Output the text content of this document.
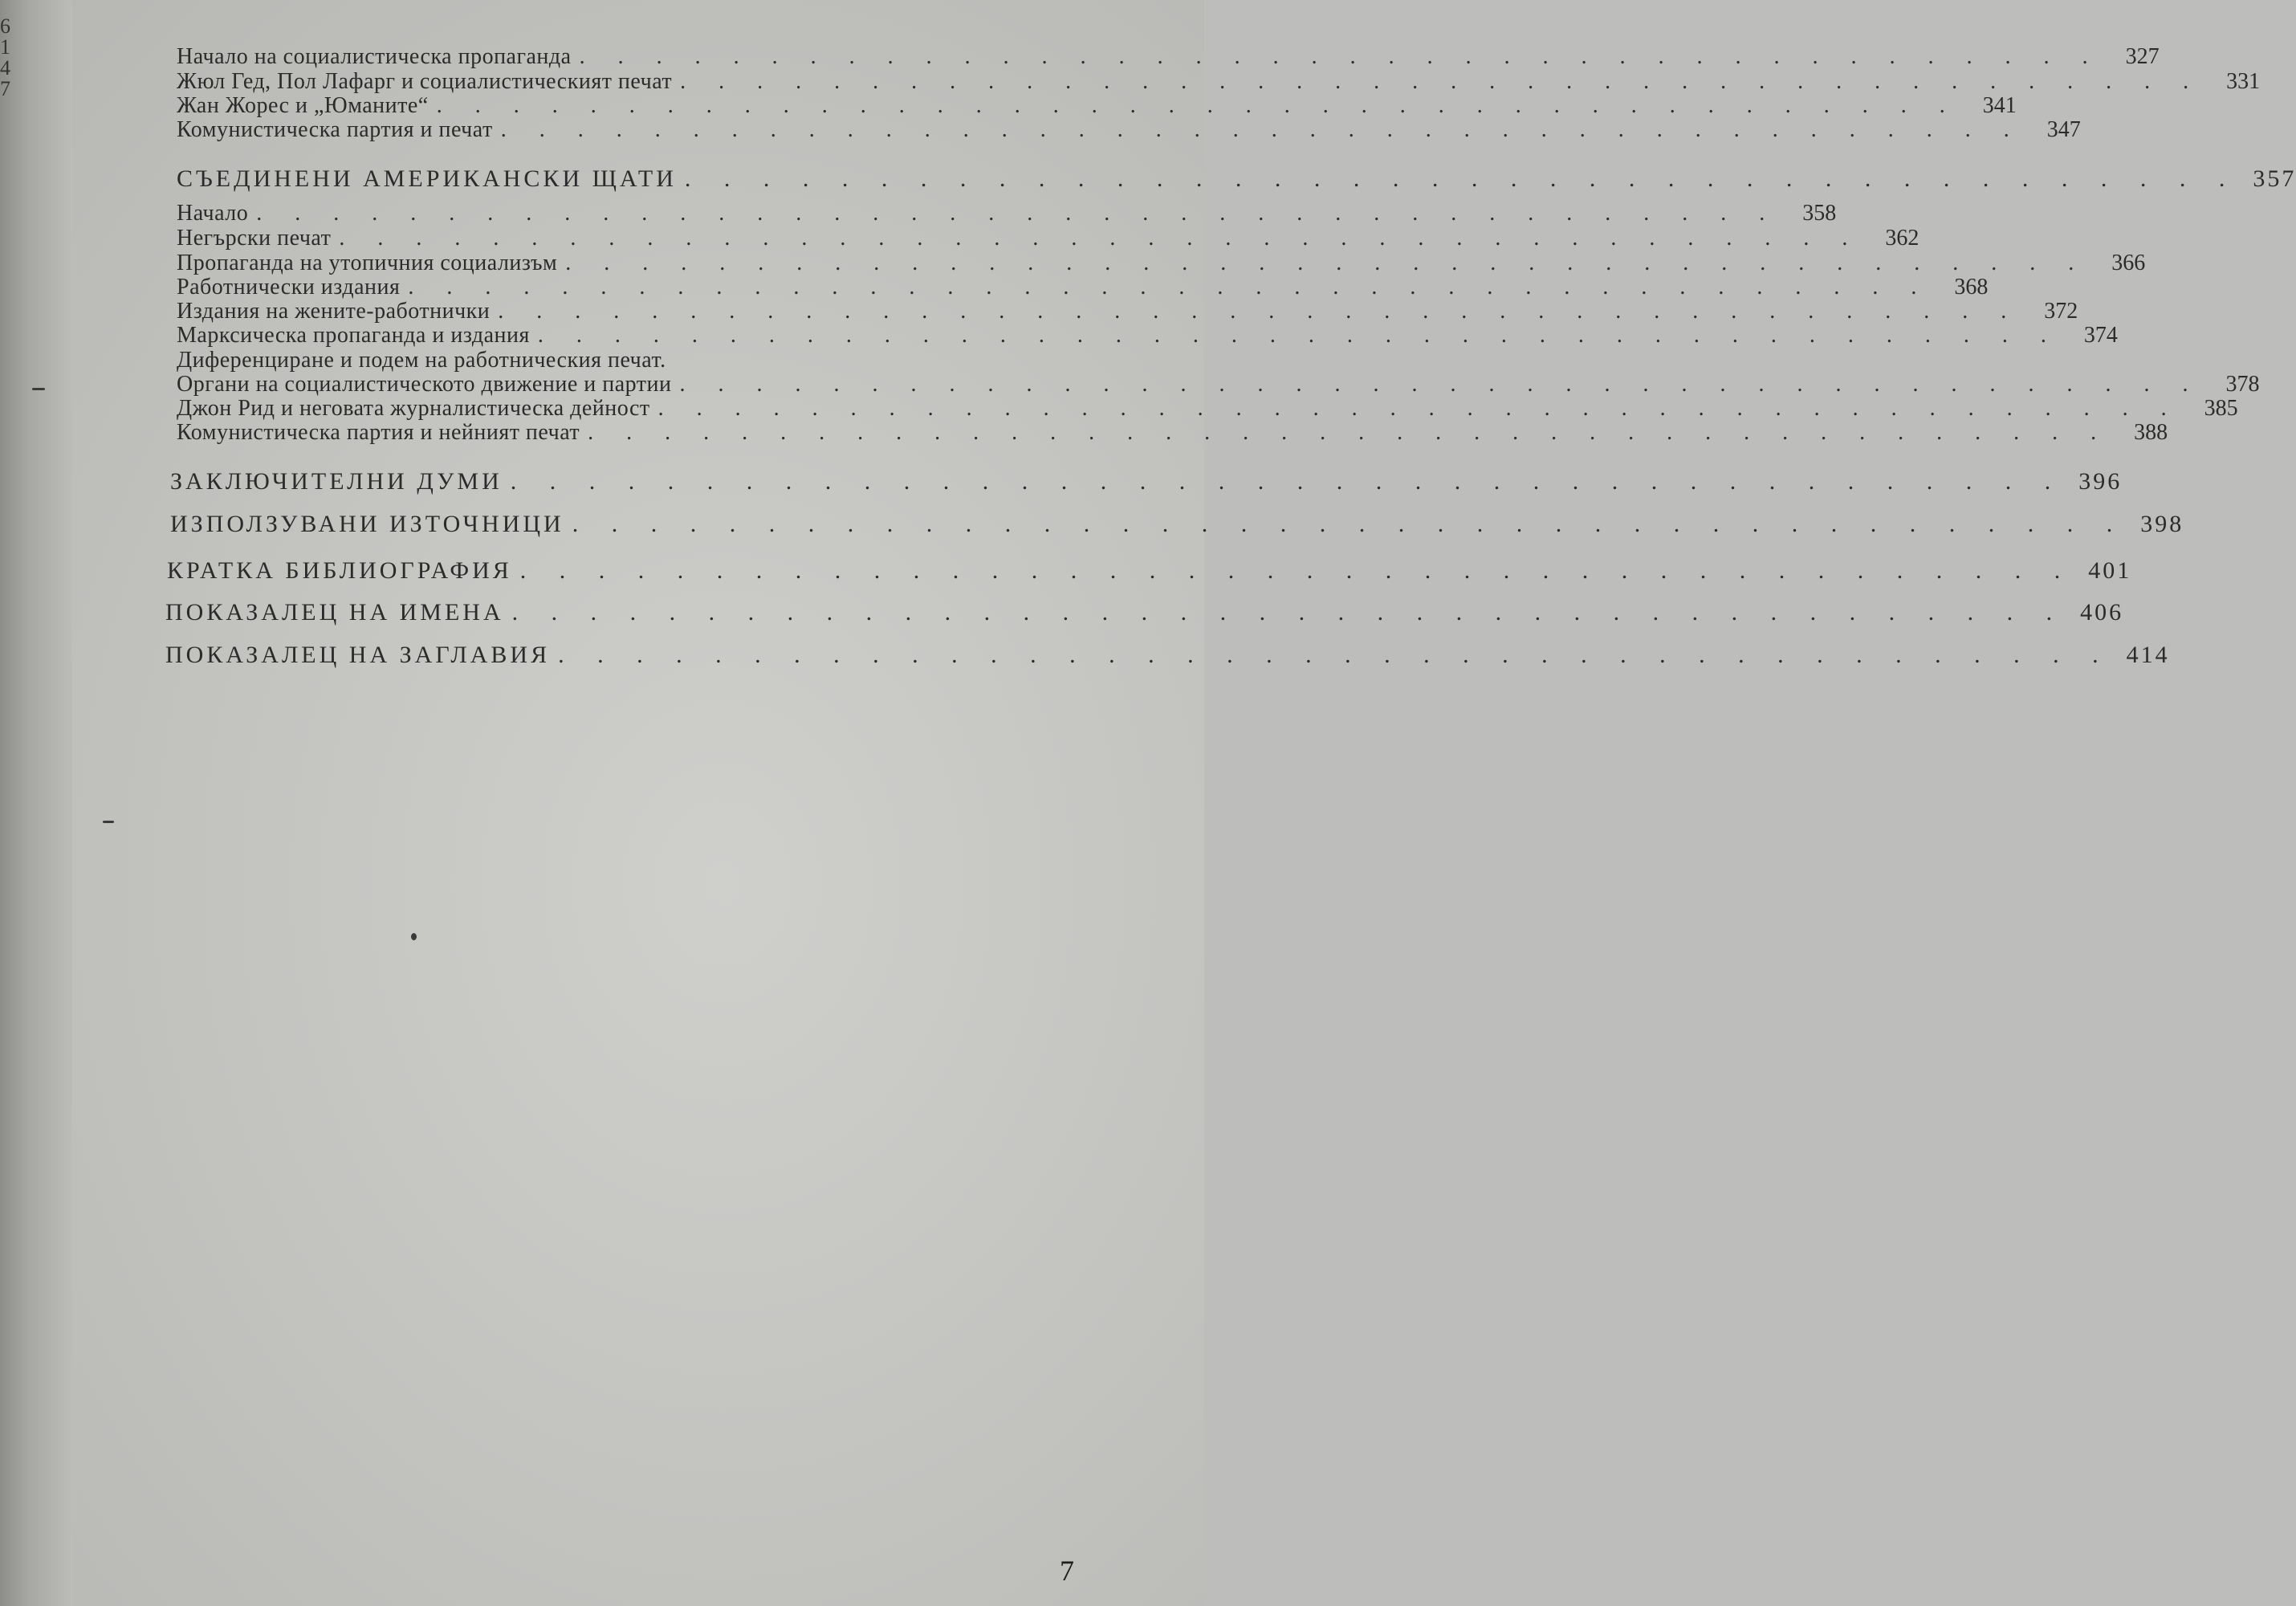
6
1
4
7
Начало на социалистическа пропаганда . . . . . . . . . . . . . . . . . . . . . . . . . . . . . . . . . . . . . . . .	327
Жюл Гед, Пол Лафарг и социалистическият печат . . . . . . . . . . . . . . . . . . . . . . . . . . . . . . . . . . . . . . . .	331
Жан Жорес и „Юманите“ . . . . . . . . . . . . . . . . . . . . . . . . . . . . . . . . . . . . . . . .	341
Комунистическа партия и печат . . . . . . . . . . . . . . . . . . . . . . . . . . . . . . . . . . . . . . . .	347
СЪЕДИНЕНИ АМЕРИКАНСКИ ЩАТИ . . . . . . . . . . . . . . . . . . . . . . . . . . . . . . . . . . . . . . . . 357
Начало . . . . . . . . . . . . . . . . . . . . . . . . . . . . . . . . . . . . . . . .	358
Негърски печат . . . . . . . . . . . . . . . . . . . . . . . . . . . . . . . . . . . . . . . .	362
Пропаганда на утопичния социализъм . . . . . . . . . . . . . . . . . . . . . . . . . . . . . . . . . . . . . . . .	366
Работнически издания . . . . . . . . . . . . . . . . . . . . . . . . . . . . . . . . . . . . . . . .	368
Издания на жените-работнички . . . . . . . . . . . . . . . . . . . . . . . . . . . . . . . . . . . . . . . .	372
Марксическа пропаганда и издания . . . . . . . . . . . . . . . . . . . . . . . . . . . . . . . . . . . . . . . .	374
Диференциране и подем на работническия печат.
Органи на социалистическото движение и партии . . . . . . . . . . . . . . . . . . . . . . . . . . . . . . . . . . . . . . . .	378
Джон Рид и неговата журналистическа дейност . . . . . . . . . . . . . . . . . . . . . . . . . . . . . . . . . . . . . . . .	385
Комунистическа партия и нейният печат . . . . . . . . . . . . . . . . . . . . . . . . . . . . . . . . . . . . . . . .	388
ЗАКЛЮЧИТЕЛНИ ДУМИ . . . . . . . . . . . . . . . . . . . . . . . . . . . . . . . . . . . . . . . . 396
ИЗПОЛЗУВАНИ ИЗТОЧНИЦИ . . . . . . . . . . . . . . . . . . . . . . . . . . . . . . . . . . . . . . . . 398
КРАТКА БИБЛИОГРАФИЯ . . . . . . . . . . . . . . . . . . . . . . . . . . . . . . . . . . . . . . . . 401
ПОКАЗАЛЕЦ НА ИМЕНА . . . . . . . . . . . . . . . . . . . . . . . . . . . . . . . . . . . . . . . . 406
ПОКАЗАЛЕЦ НА ЗАГЛАВИЯ . . . . . . . . . . . . . . . . . . . . . . . . . . . . . . . . . . . . . . . . 414
7
